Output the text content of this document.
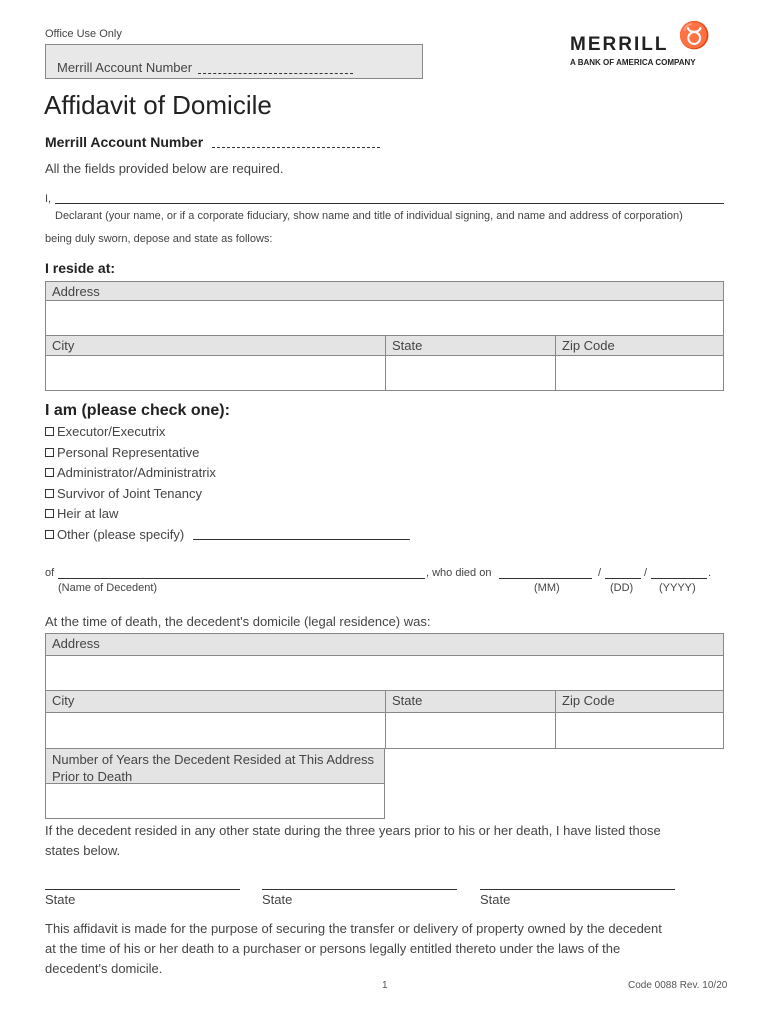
Office Use Only
Merrill Account Number
MERRILL ♉
A BANK OF AMERICA COMPANY
Affidavit of Domicile
Merrill Account Number
All the fields provided below are required.
I,
Declarant (your name, or if a corporate fiduciary, show name and title of individual signing, and name and address of corporation)
being duly sworn, depose and state as follows:
I reside at:
Address
City	State	Zip Code
I am (please check one):
Executor/Executrix
Personal Representative
Administrator/Administratrix
Survivor of Joint Tenancy
Heir at law
Other (please specify)
of	, who died on	/	/	.
(Name of Decedent)	(MM)	(DD) (YYYY)
At the time of death, the decedent's domicile (legal residence) was:
Address
City	State	Zip Code
Number of Years the Decedent Resided at This Address Prior to Death
If the decedent resided in any other state during the three years prior to his or her death, I have listed those
states below.
State	State	State
This affidavit is made for the purpose of securing the transfer or delivery of property owned by the decedent
at the time of his or her death to a purchaser or persons legally entitled thereto under the laws of the
decedent's domicile.
1	Code 0088 Rev. 10/20
